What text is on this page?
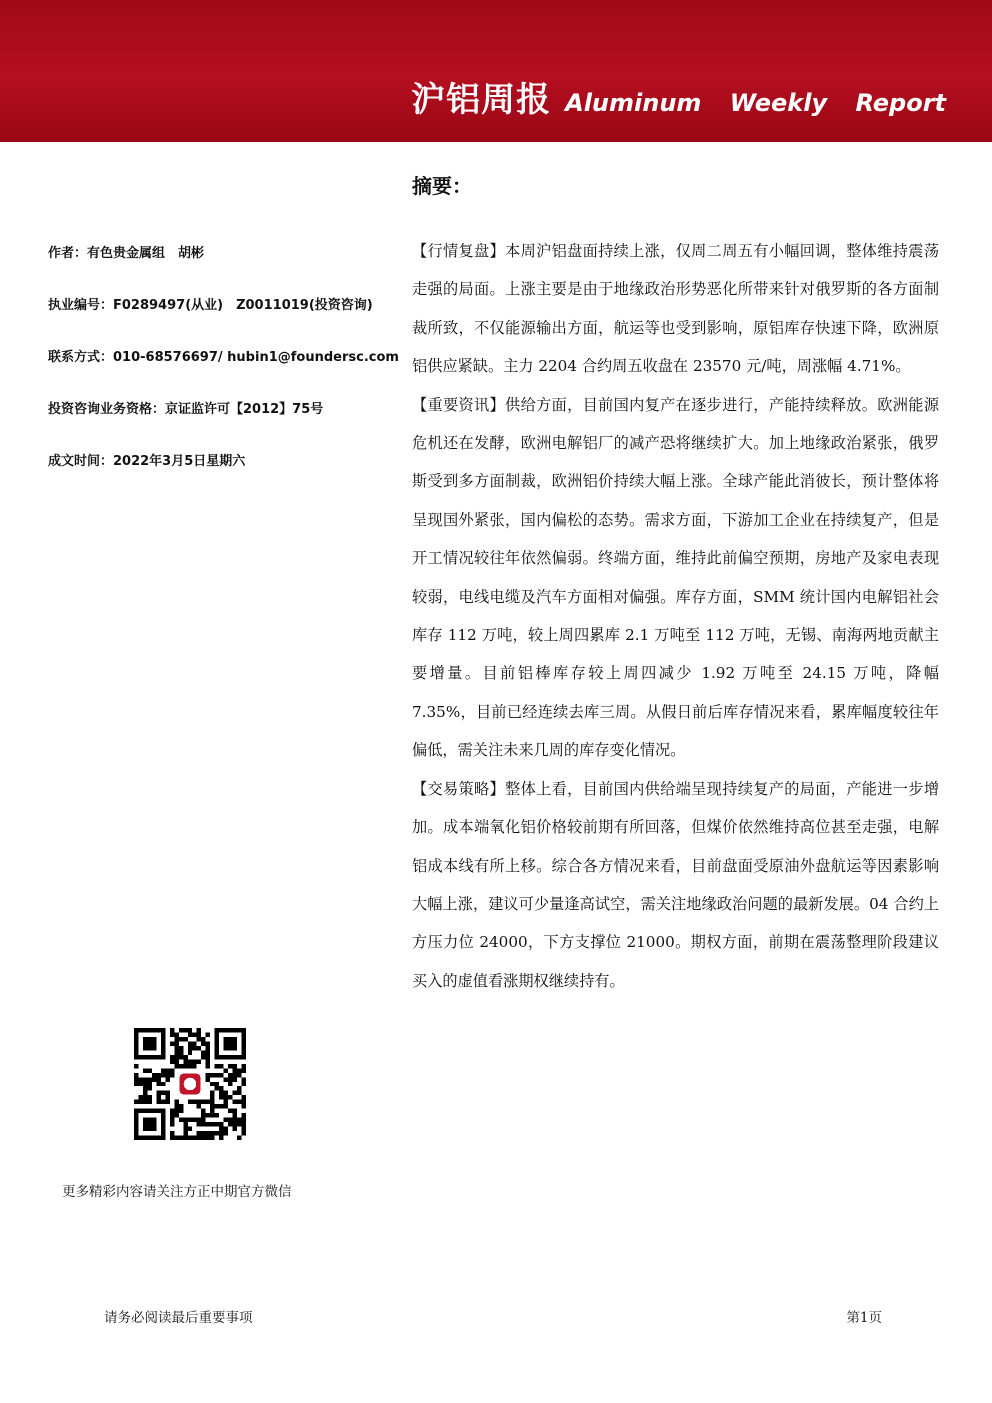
沪铝周报 Aluminum Weekly Report
摘要：
作者：有色贵金属组　胡彬
执业编号：F0289497(从业)　Z0011019(投资咨询)
联系方式：010-68576697/ hubin1@foundersc.com
投资咨询业务资格：京证监许可【2012】75号
成文时间：2022年3月5日星期六

【行情复盘】本周沪铝盘面持续上涨，仅周二周五有小幅回调，整体维持震荡走强的局面。上涨主要是由于地缘政治形势恶化所带来针对俄罗斯的各方面制裁所致，不仅能源输出方面，航运等也受到影响，原铝库存快速下降，欧洲原铝供应紧缺。主力 2204 合约周五收盘在 23570 元/吨，周涨幅 4.71%。

【重要资讯】供给方面，目前国内复产在逐步进行，产能持续释放。欧洲能源危机还在发酵，欧洲电解铝厂的减产恐将继续扩大。加上地缘政治紧张，俄罗斯受到多方面制裁，欧洲铝价持续大幅上涨。全球产能此消彼长，预计整体将呈现国外紧张，国内偏松的态势。需求方面，下游加工企业在持续复产，但是开工情况较往年依然偏弱。终端方面，维持此前偏空预期，房地产及家电表现较弱，电线电缆及汽车方面相对偏强。库存方面，SMM 统计国内电解铝社会库存 112 万吨，较上周四累库 2.1 万吨至 112 万吨，无锡、南海两地贡献主要增量。目前铝棒库存较上周四减少 1.92 万吨至 24.15 万吨，降幅 7.35%，目前已经连续去库三周。从假日前后库存情况来看，累库幅度较往年偏低，需关注未来几周的库存变化情况。

【交易策略】整体上看，目前国内供给端呈现持续复产的局面，产能进一步增加。成本端氧化铝价格较前期有所回落，但煤价依然维持高位甚至走强，电解铝成本线有所上移。综合各方情况来看，目前盘面受原油外盘航运等因素影响大幅上涨，建议可少量逢高试空，需关注地缘政治问题的最新发展。04 合约上方压力位 24000，下方支撑位 21000。期权方面，前期在震荡整理阶段建议买入的虚值看涨期权继续持有。

更多精彩内容请关注方正中期官方微信
请务必阅读最后重要事项	第1页
